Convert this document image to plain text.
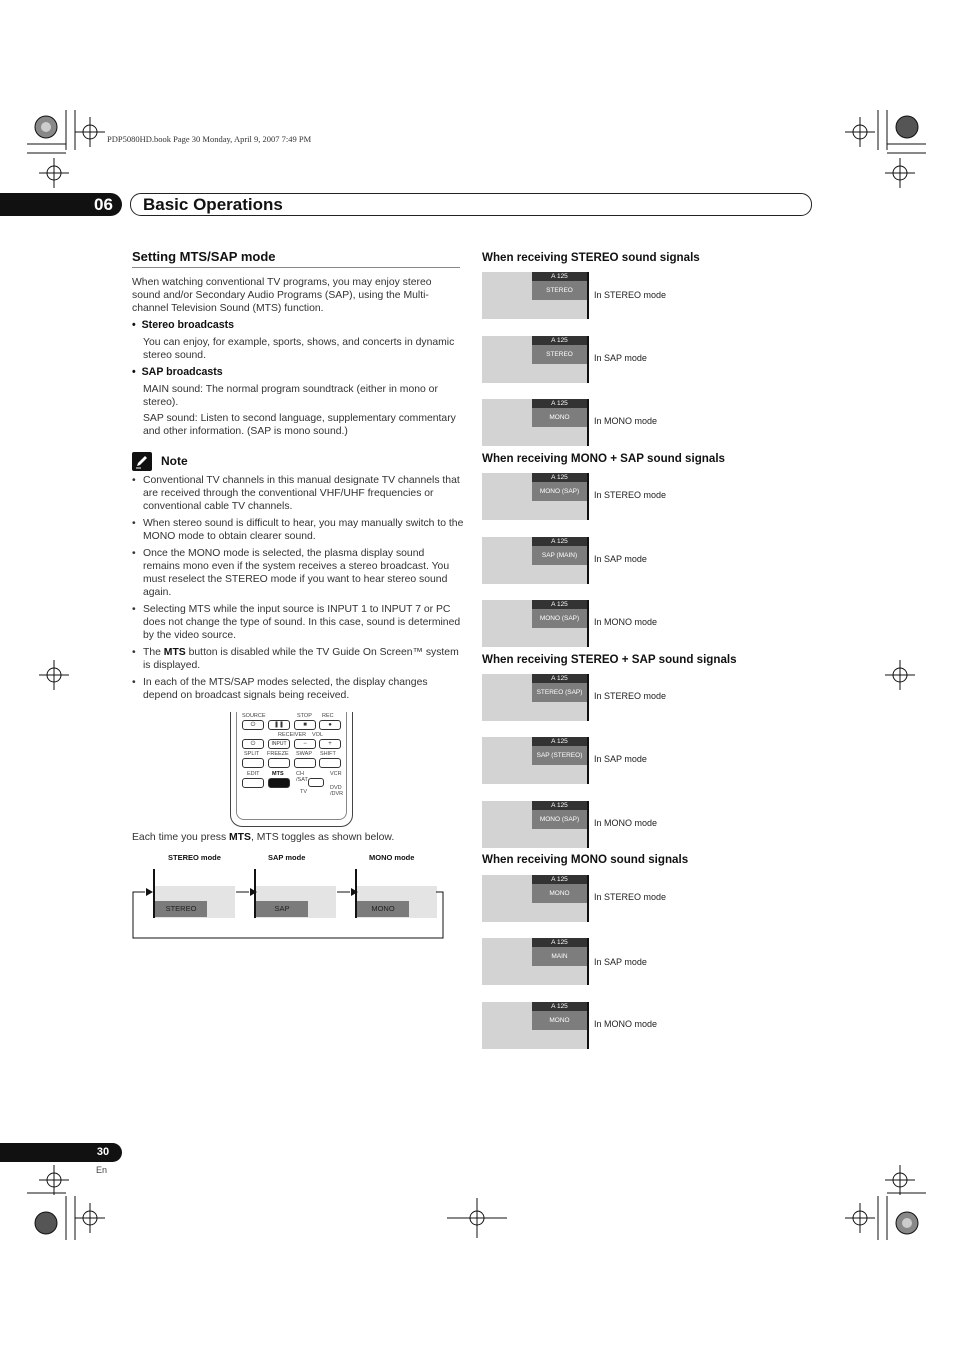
PDP5080HD.book Page 30 Monday, April 9, 2007 7:49 PM
06	Basic Operations
Setting MTS/SAP mode
When watching conventional TV programs, you may enjoy stereo sound and/or Secondary Audio Programs (SAP), using the Multi-channel Television Sound (MTS) function.
•  Stereo broadcasts
You can enjoy, for example, sports, shows, and concerts in dynamic stereo sound.
•  SAP broadcasts
MAIN sound: The normal program soundtrack (either in mono or stereo).
SAP sound: Listen to second language, supplementary commentary and other information. (SAP is mono sound.)
Note
• Conventional TV channels in this manual designate TV channels that are received through the conventional VHF/UHF frequencies or conventional cable TV channels.
• When stereo sound is difficult to hear, you may manually switch to the MONO mode to obtain clearer sound.
• Once the MONO mode is selected, the plasma display sound remains mono even if the system receives a stereo broadcast. You must reselect the STEREO mode if you want to hear stereo sound again.
• Selecting MTS while the input source is INPUT 1 to INPUT 7 or PC does not change the type of sound. In this case, sound is determined by the video source.
• The MTS button is disabled while the TV Guide On Screen™ system is displayed.
• In each of the MTS/SAP modes selected, the display changes depend on broadcast signals being received.
SOURCE	STOP REC
⏻	❚❚	■	●
RECEIVER VOL
⏻	INPUT	−	+
SPLIT FREEZE SWAP SHIFT
EDIT MTS CH
/SAT
VCR
TV
DVD
/DVR
Each time you press MTS, MTS toggles as shown below.
STEREO mode	SAP mode	MONO mode
STEREO	SAP	MONO
When receiving STEREO sound signals
A 125
STEREO	In STEREO mode
A 125
STEREO	In SAP mode
A 125
MONO	In MONO mode
When receiving MONO + SAP sound signals
A 125
MONO (SAP)	In STEREO mode
A 125
SAP (MAIN)	In SAP mode
A 125
MONO (SAP)	In MONO mode
When receiving STEREO + SAP sound signals
A 125
STEREO (SAP)	In STEREO mode
A 125
SAP (STEREO)	In SAP mode
A 125
MONO (SAP)	In MONO mode
When receiving MONO sound signals
A 125
MONO	In STEREO mode
A 125
MAIN
In SAP mode
A 125
MONO	In MONO mode
30
En
